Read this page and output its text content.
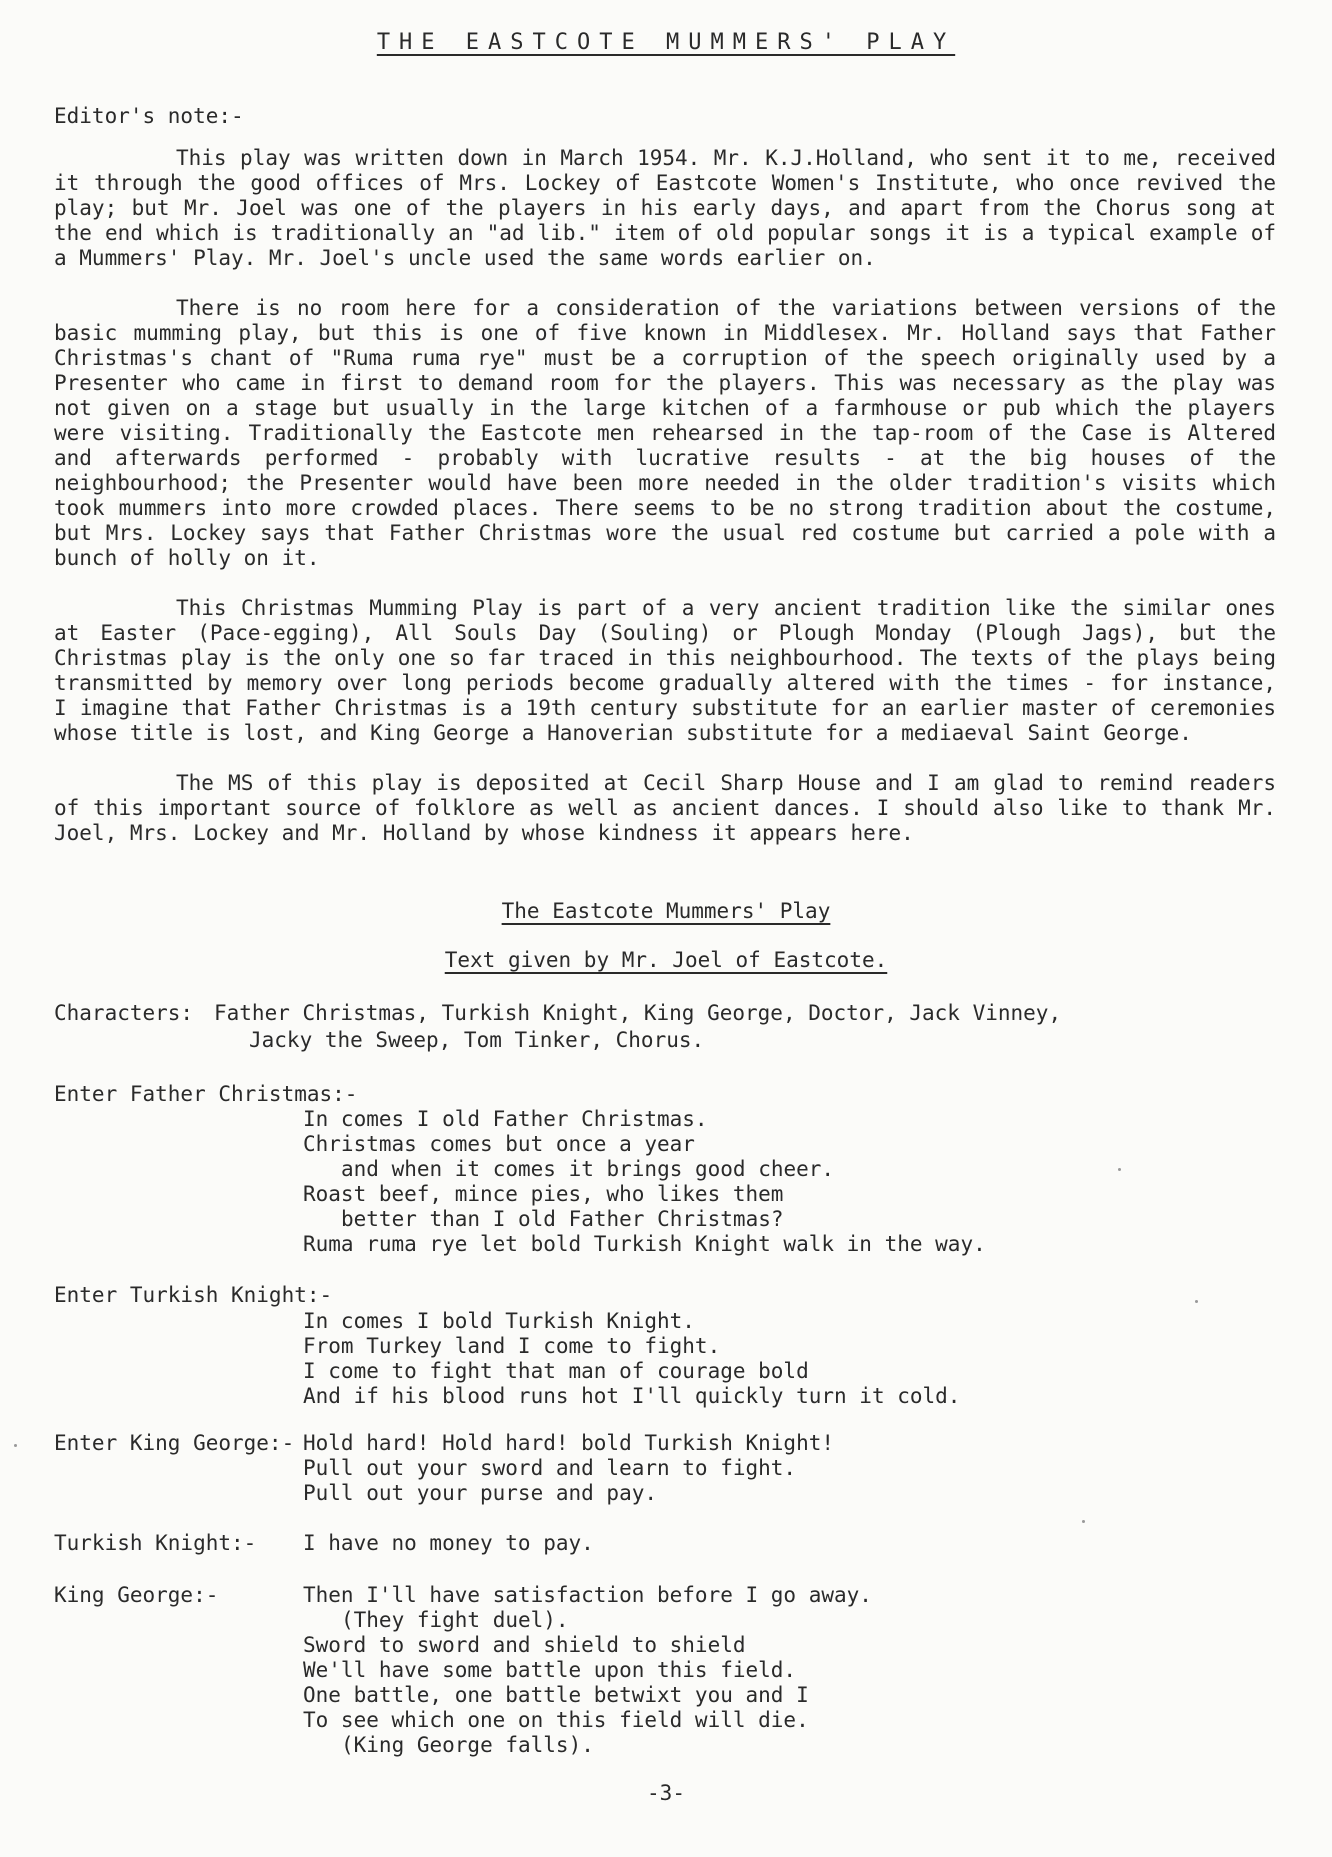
THE EASTCOTE MUMMERS' PLAY
Editor's note:-
This play was written down in March 1954. Mr. K.J.Holland, who sent it to me, received it through the good offices of Mrs. Lockey of Eastcote Women's Institute, who once revived the play; but Mr. Joel was one of the players in his early days, and apart from the Chorus song at the end which is traditionally an "ad lib." item of old popular songs it is a typical example of a Mummers' Play. Mr. Joel's uncle used the same words earlier on.
There is no room here for a consideration of the variations between versions of the basic mumming play, but this is one of five known in Middlesex. Mr. Holland says that Father Christmas's chant of "Ruma ruma rye" must be a corruption of the speech originally used by a Presenter who came in first to demand room for the players. This was necessary as the play was not given on a stage but usually in the large kitchen of a farmhouse or pub which the players were visiting. Traditionally the Eastcote men rehearsed in the tap-room of the Case is Altered and afterwards performed - probably with lucrative results - at the big houses of the neighbourhood; the Presenter would have been more needed in the older tradition's visits which took mummers into more crowded places. There seems to be no strong tradition about the costume, but Mrs. Lockey says that Father Christmas wore the usual red costume but carried a pole with a bunch of holly on it.
This Christmas Mumming Play is part of a very ancient tradition like the similar ones at Easter (Pace-egging), All Souls Day (Souling) or Plough Monday (Plough Jags), but the Christmas play is the only one so far traced in this neighbourhood. The texts of the plays being transmitted by memory over long periods become gradually altered with the times - for instance, I imagine that Father Christmas is a 19th century substitute for an earlier master of ceremonies whose title is lost, and King George a Hanoverian substitute for a mediaeval Saint George.
The MS of this play is deposited at Cecil Sharp House and I am glad to remind readers of this important source of folklore as well as ancient dances. I should also like to thank Mr. Joel, Mrs. Lockey and Mr. Holland by whose kindness it appears here.
The Eastcote Mummers' Play
Text given by Mr. Joel of Eastcote.
Characters: Father Christmas, Turkish Knight, King George, Doctor, Jack Vinney,
Jacky the Sweep, Tom Tinker, Chorus.
Enter Father Christmas:-
In comes I old Father Christmas.
Christmas comes but once a year
and when it comes it brings good cheer.
Roast beef, mince pies, who likes them
better than I old Father Christmas?
Ruma ruma rye let bold Turkish Knight walk in the way.
Enter Turkish Knight:-
In comes I bold Turkish Knight.
From Turkey land I come to fight.
I come to fight that man of courage bold
And if his blood runs hot I'll quickly turn it cold.
Enter King George:- Hold hard! Hold hard! bold Turkish Knight!
Pull out your sword and learn to fight.
Pull out your purse and pay.
Turkish Knight:- I have no money to pay.
King George:-	Then I'll have satisfaction before I go away.
(They fight duel).
Sword to sword and shield to shield
We'll have some battle upon this field.
One battle, one battle betwixt you and I
To see which one on this field will die.
(King George falls).
-3-
